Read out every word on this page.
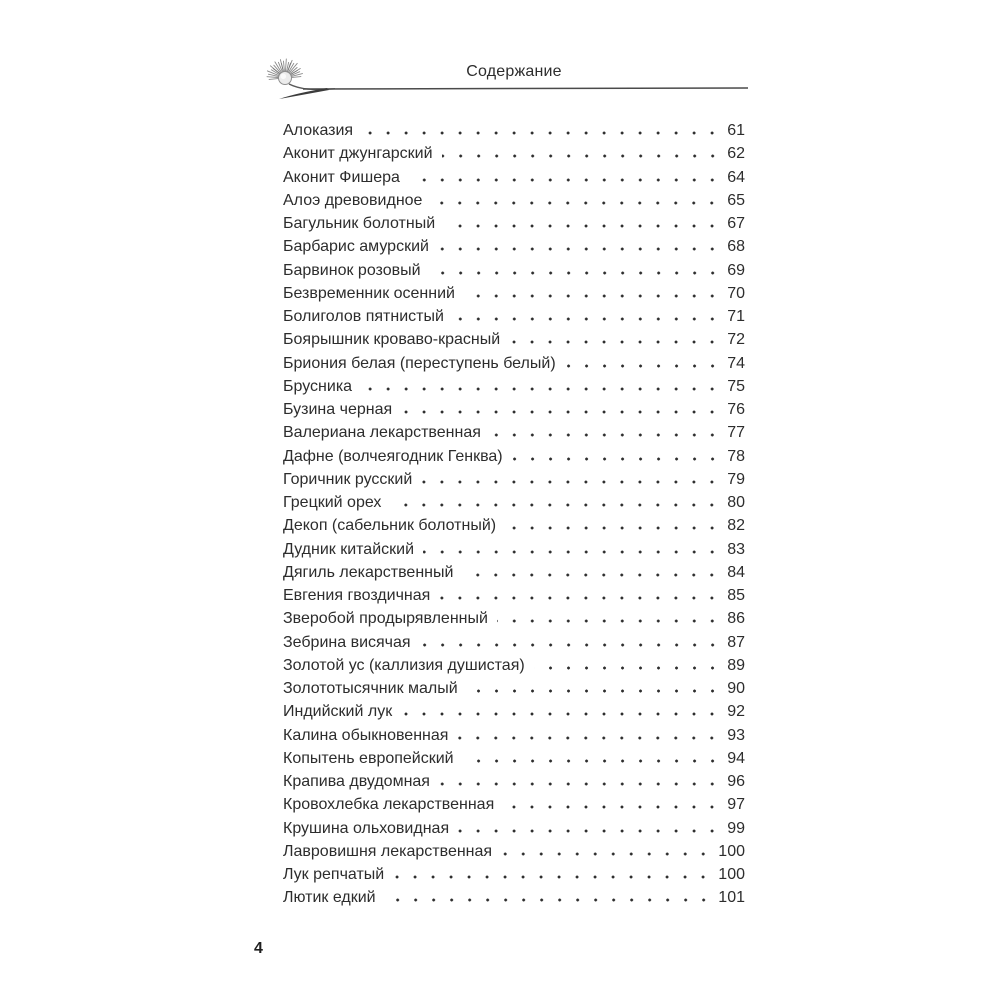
Содержание
Алоказия	61
Аконит джунгарский	62
Аконит Фишера	64
Алоэ древовидное	65
Багульник болотный	67
Барбарис амурский	68
Барвинок розовый	69
Безвременник осенний	70
Болиголов пятнистый	71
Боярышник кроваво-красный	72
Бриония белая (переступень белый)	74
Брусника	75
Бузина черная	76
Валериана лекарственная	77
Дафне (волчеягодник Генква)	78
Горичник русский	79
Грецкий орех	80
Декоп (сабельник болотный)	82
Дудник китайский	83
Дягиль лекарственный	84
Евгения гвоздичная	85
Зверобой продырявленный	86
Зебрина висячая	87
Золотой ус (каллизия душистая)	89
Золототысячник малый	90
Индийский лук	92
Калина обыкновенная	93
Копытень европейский	94
Крапива двудомная	96
Кровохлебка лекарственная	97
Крушина ольховидная	99
Лавровишня лекарственная	100
Лук репчатый	100
Лютик едкий	101
4
